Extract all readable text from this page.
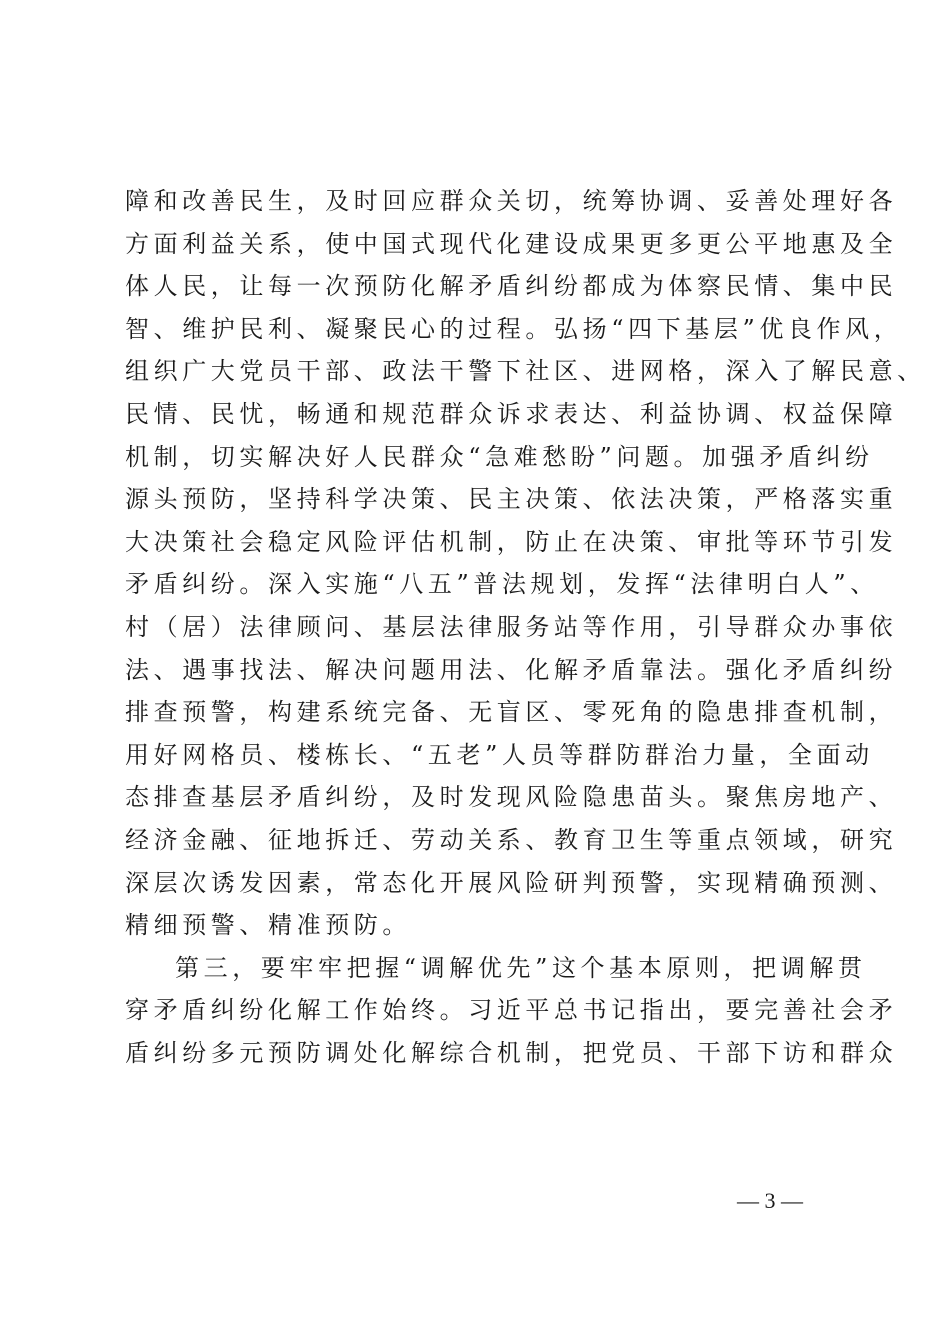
障和改善民生，及时回应群众关切，统筹协调、妥善处理好各
方面利益关系，使中国式现代化建设成果更多更公平地惠及全
体人民，让每一次预防化解矛盾纠纷都成为体察民情、集中民
智、维护民利、凝聚民心的过程。弘扬“四下基层”优良作风，
组织广大党员干部、政法干警下社区、进网格，深入了解民意、
民情、民忧，畅通和规范群众诉求表达、利益协调、权益保障
机制，切实解决好人民群众“急难愁盼”问题。加强矛盾纠纷
源头预防，坚持科学决策、民主决策、依法决策，严格落实重
大决策社会稳定风险评估机制，防止在决策、审批等环节引发
矛盾纠纷。深入实施“八五”普法规划，发挥“法律明白人”、
村（居）法律顾问、基层法律服务站等作用，引导群众办事依
法、遇事找法、解决问题用法、化解矛盾靠法。强化矛盾纠纷
排查预警，构建系统完备、无盲区、零死角的隐患排查机制，
用好网格员、楼栋长、“五老”人员等群防群治力量，全面动
态排查基层矛盾纠纷，及时发现风险隐患苗头。聚焦房地产、
经济金融、征地拆迁、劳动关系、教育卫生等重点领域，研究
深层次诱发因素，常态化开展风险研判预警，实现精确预测、
精细预警、精准预防。
第三，要牢牢把握“调解优先”这个基本原则，把调解贯
穿矛盾纠纷化解工作始终。习近平总书记指出，要完善社会矛
盾纠纷多元预防调处化解综合机制，把党员、干部下访和群众
— 3 —
